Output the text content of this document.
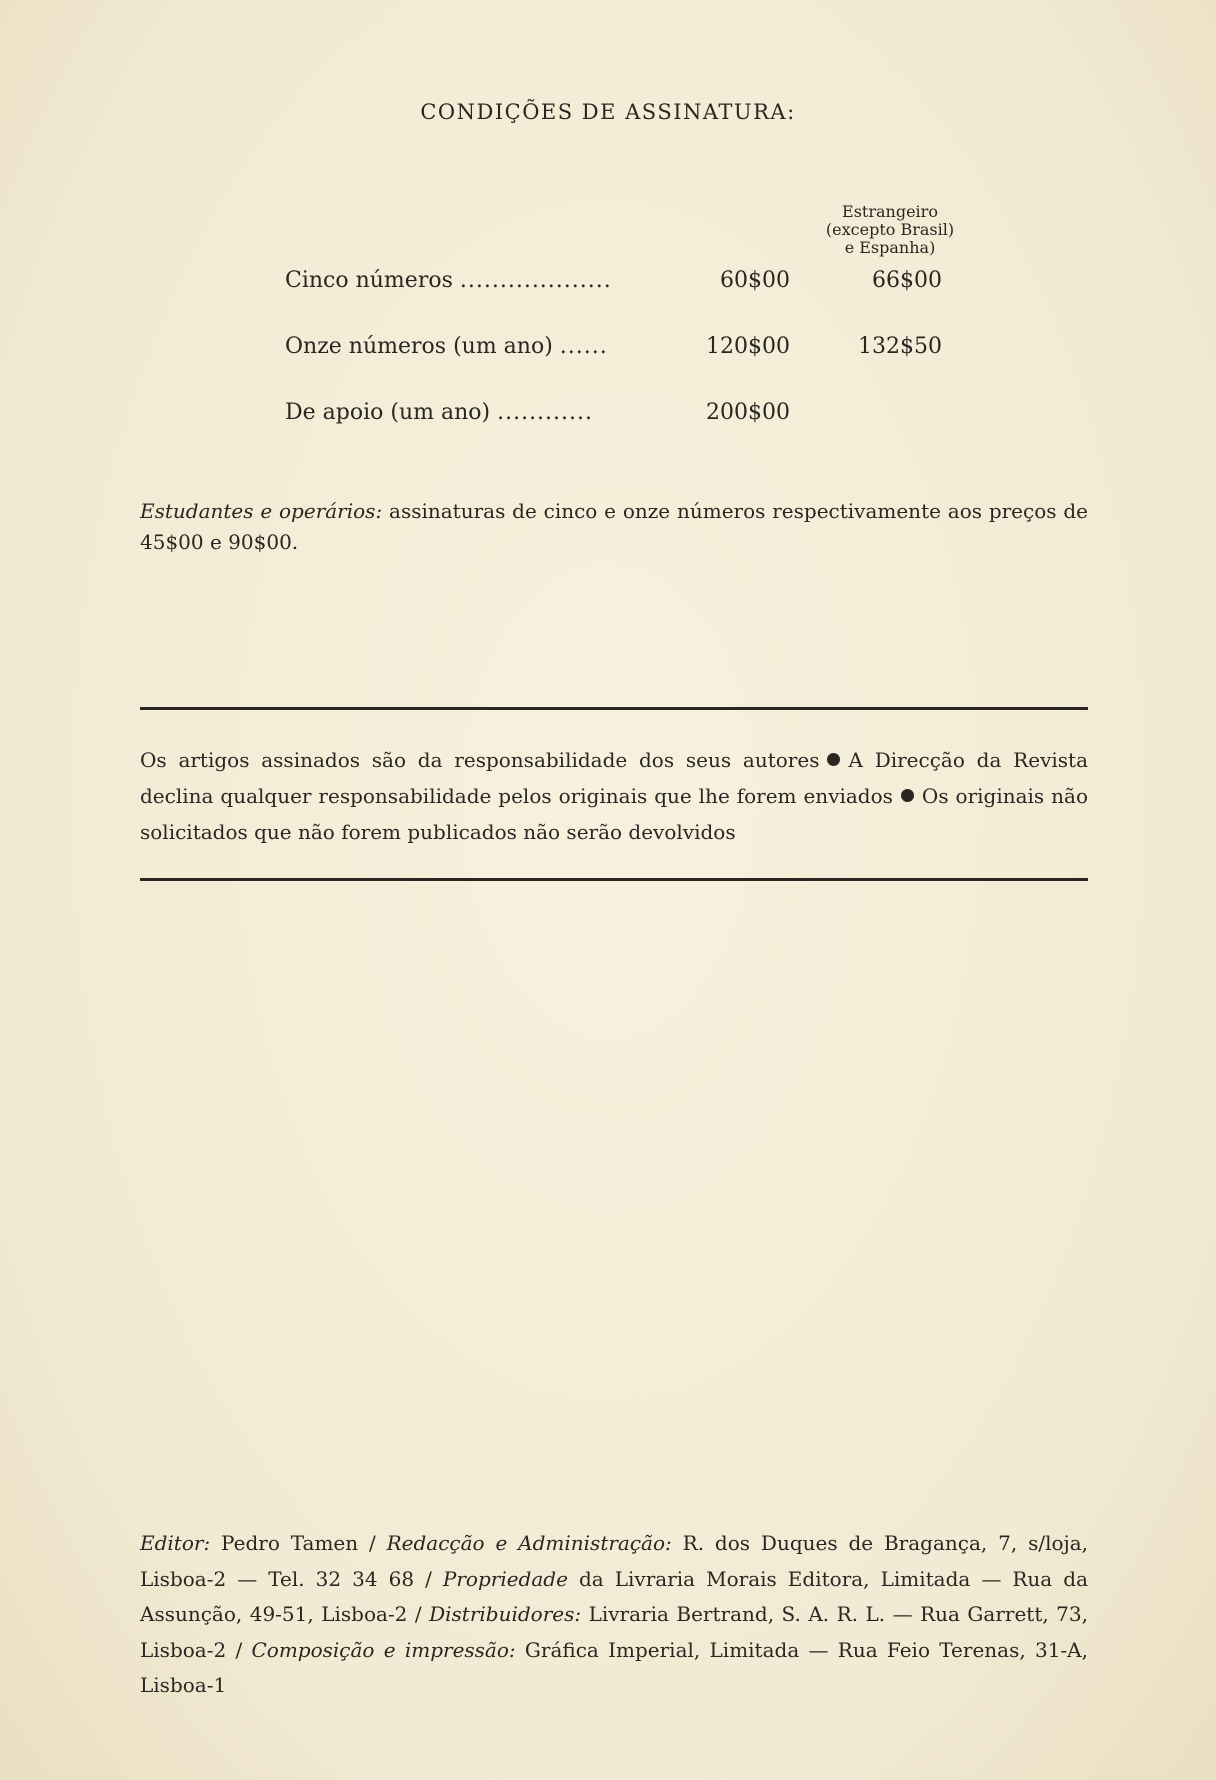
CONDIÇÕES DE ASSINATURA:
Estrangeiro
(excepto Brasil)
e Espanha)
Cinco números ...................	60$00	66$00
Onze números (um ano) ......	120$00	132$50
De apoio (um ano) ............	200$00
Estudantes e operários: assinaturas de cinco e onze números respectivamente aos preços de 45$00 e 90$00.
Os artigos assinados são da responsabilidade dos seus autores A Direcção da Revista declina qualquer responsabilidade pelos originais que lhe forem enviados Os originais não solicitados que não forem publicados não serão devolvidos
Editor: Pedro Tamen / Redacção e Administração: R. dos Duques de Bragança, 7, s/loja, Lisboa-2 — Tel. 32 34 68 / Propriedade da Livraria Morais Editora, Limitada — Rua da Assunção, 49-51, Lisboa-2 / Distribuidores: Livraria Bertrand, S. A. R. L. — Rua Garrett, 73, Lisboa-2 / Composição e impressão: Gráfica Imperial, Limitada — Rua Feio Terenas, 31-A, Lisboa-1
